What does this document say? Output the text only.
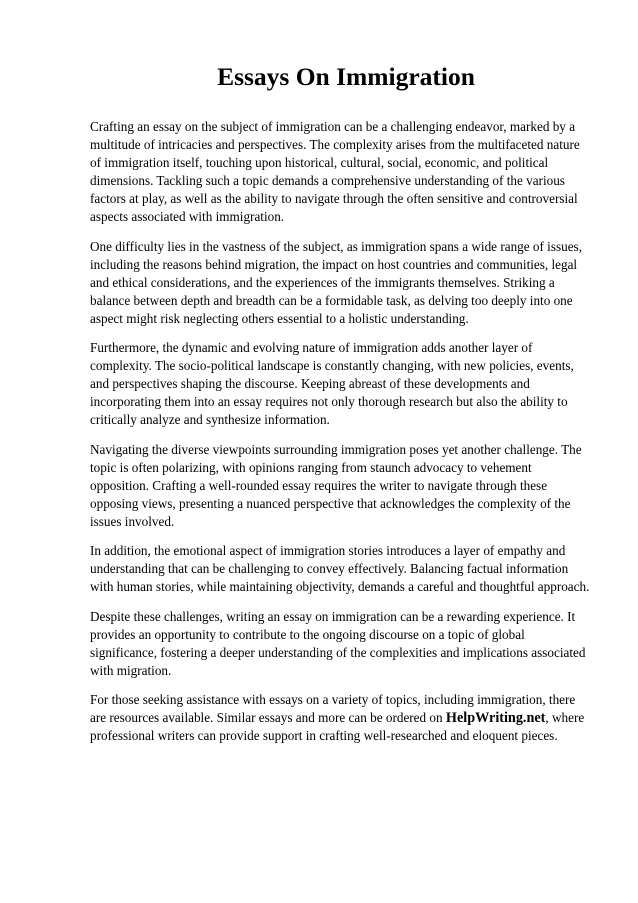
Essays On Immigration

Crafting an essay on the subject of immigration can be a challenging endeavor, marked by a multitude of intricacies and perspectives. The complexity arises from the multifaceted nature of immigration itself, touching upon historical, cultural, social, economic, and political dimensions. Tackling such a topic demands a comprehensive understanding of the various factors at play, as well as the ability to navigate through the often sensitive and controversial aspects associated with immigration.

One difficulty lies in the vastness of the subject, as immigration spans a wide range of issues, including the reasons behind migration, the impact on host countries and communities, legal and ethical considerations, and the experiences of the immigrants themselves. Striking a balance between depth and breadth can be a formidable task, as delving too deeply into one aspect might risk neglecting others essential to a holistic understanding.

Furthermore, the dynamic and evolving nature of immigration adds another layer of complexity. The socio-political landscape is constantly changing, with new policies, events, and perspectives shaping the discourse. Keeping abreast of these developments and incorporating them into an essay requires not only thorough research but also the ability to critically analyze and synthesize information.

Navigating the diverse viewpoints surrounding immigration poses yet another challenge. The topic is often polarizing, with opinions ranging from staunch advocacy to vehement opposition. Crafting a well-rounded essay requires the writer to navigate through these opposing views, presenting a nuanced perspective that acknowledges the complexity of the issues involved.

In addition, the emotional aspect of immigration stories introduces a layer of empathy and understanding that can be challenging to convey effectively. Balancing factual information with human stories, while maintaining objectivity, demands a careful and thoughtful approach.

Despite these challenges, writing an essay on immigration can be a rewarding experience. It provides an opportunity to contribute to the ongoing discourse on a topic of global significance, fostering a deeper understanding of the complexities and implications associated with migration.

For those seeking assistance with essays on a variety of topics, including immigration, there are resources available. Similar essays and more can be ordered on HelpWriting.net, where professional writers can provide support in crafting well-researched and eloquent pieces.
